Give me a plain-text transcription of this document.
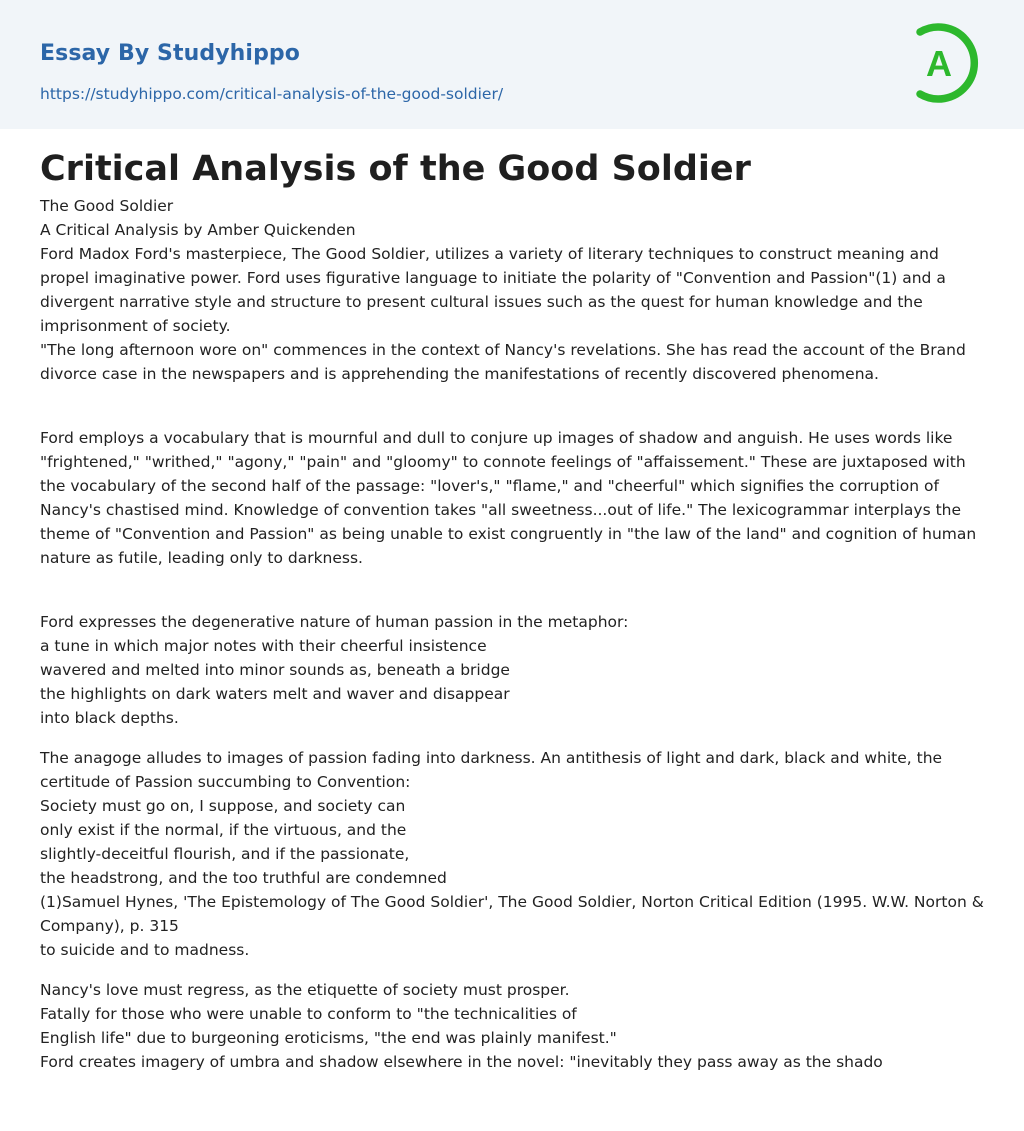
Essay By Studyhippo
https://studyhippo.com/critical-analysis-of-the-good-soldier/
A
Critical Analysis of the Good Soldier

The Good Soldier

A Critical Analysis by Amber Quickenden

Ford Madox Ford's masterpiece, The Good Soldier, utilizes a variety of literary techniques to construct meaning and propel imaginative power. Ford uses figurative language to initiate the polarity of "Convention and Passion"(1) and a divergent narrative style and structure to present cultural issues such as the quest for human knowledge and the imprisonment of society.

"The long afternoon wore on" commences in the context of Nancy's revelations. She has read the account of the Brand divorce case in the newspapers and is apprehending the manifestations of recently discovered phenomena.

Ford employs a vocabulary that is mournful and dull to conjure up images of shadow and anguish. He uses words like "frightened," "writhed," "agony," "pain" and "gloomy" to connote feelings of "affaissement." These are juxtaposed with the vocabulary of the second half of the passage: "lover's," "flame," and "cheerful" which signifies the corruption of Nancy's chastised mind. Knowledge of convention takes "all sweetness...out of life." The lexicogrammar interplays the theme of "Convention and Passion" as being unable to exist congruently in "the law of the land" and cognition of human nature as futile, leading only to darkness.

Ford expresses the degenerative nature of human passion in the metaphor:

a tune in which major notes with their cheerful insistence

wavered and melted into minor sounds as, beneath a bridge

the highlights on dark waters melt and waver and disappear

into black depths.

The anagoge alludes to images of passion fading into darkness. An antithesis of light and dark, black and white, the certitude of Passion succumbing to Convention:

Society must go on, I suppose, and society can

only exist if the normal, if the virtuous, and the

slightly-deceitful flourish, and if the passionate,

the headstrong, and the too truthful are condemned

(1)Samuel Hynes, 'The Epistemology of The Good Soldier', The Good Soldier, Norton Critical Edition (1995. W.W. Norton & Company), p. 315

to suicide and to madness.

Nancy's love must regress, as the etiquette of society must prosper.

Fatally for those who were unable to conform to "the technicalities of

English life" due to burgeoning eroticisms, "the end was plainly manifest."

Ford creates imagery of umbra and shadow elsewhere in the novel: "inevitably they pass away as the shado
